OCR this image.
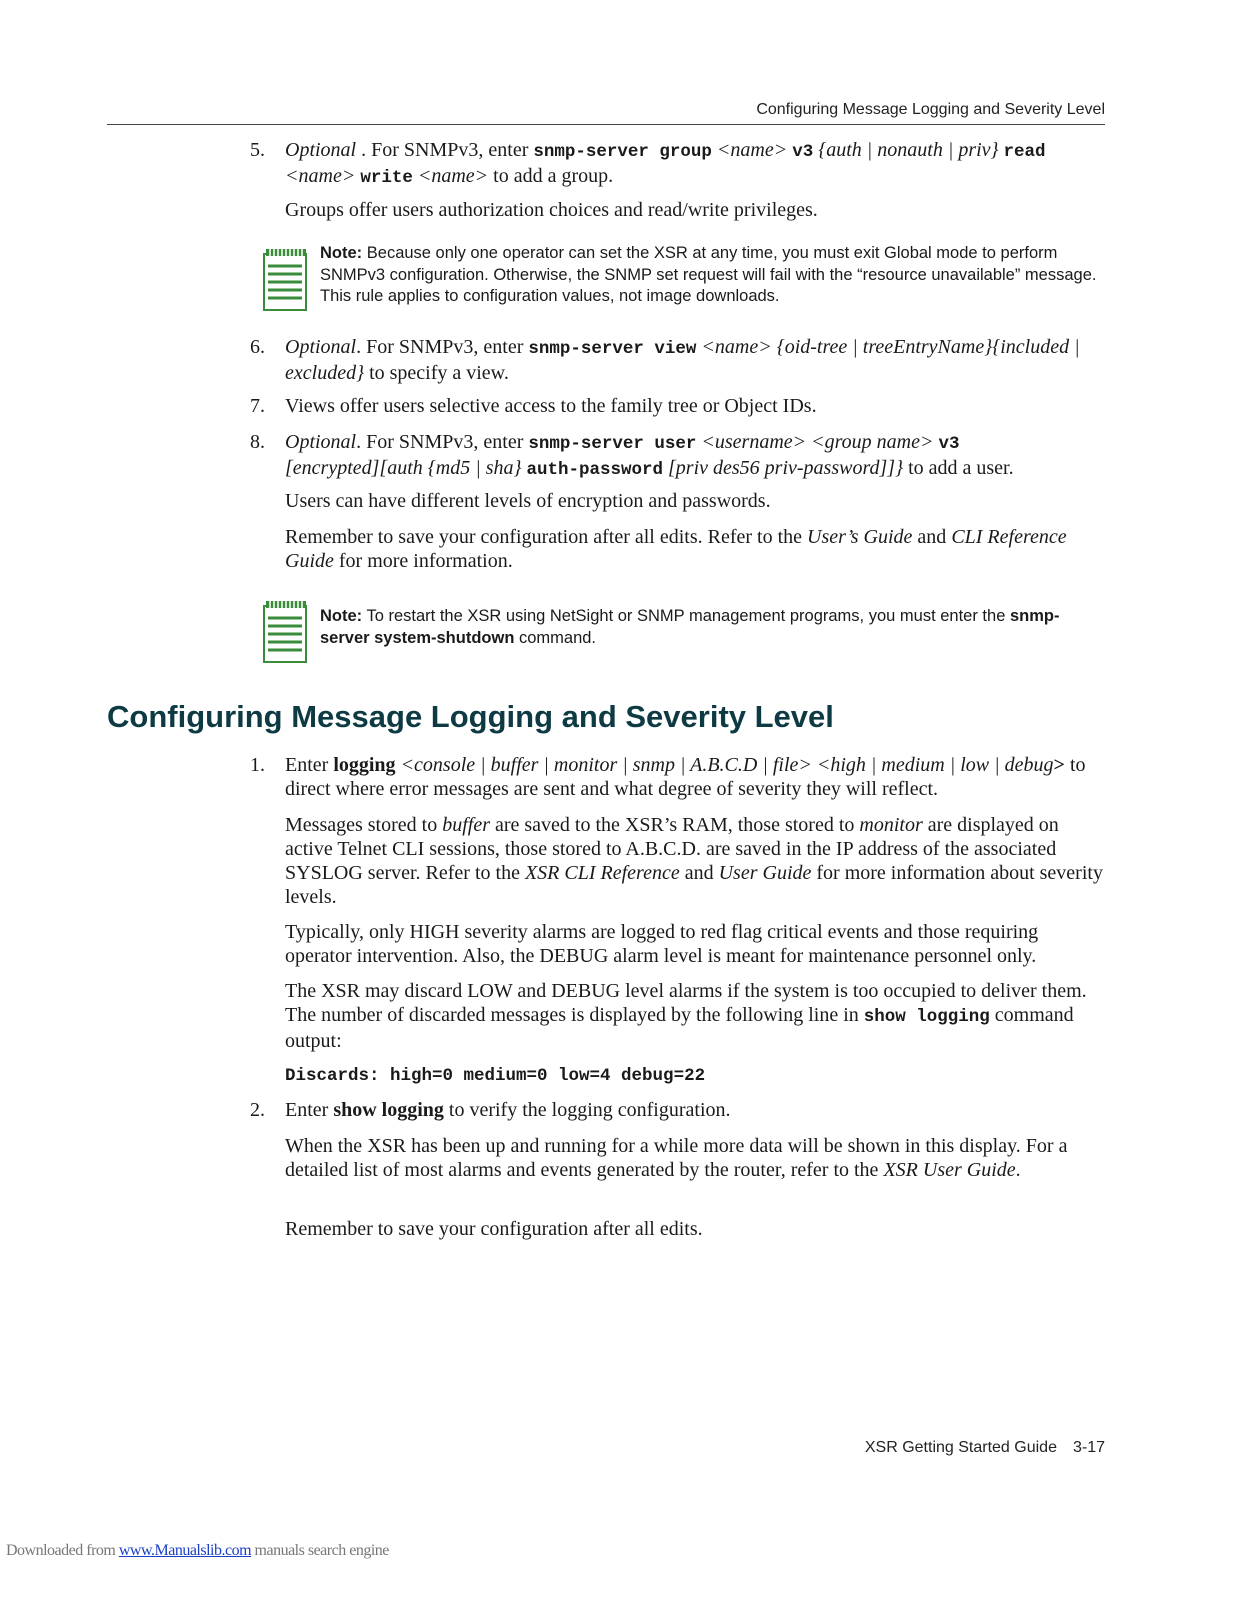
Configuring Message Logging and Severity Level
5. Optional . For SNMPv3, enter snmp-server group <name> v3 {auth | nonauth | priv} read
<name> write <name> to add a group.
Groups offer users authorization choices and read/write privileges.
Note: Because only one operator can set the XSR at any time, you must exit Global mode to perform SNMPv3 configuration. Otherwise, the SNMP set request will fail with the “resource unavailable” message. This rule applies to configuration values, not image downloads.
6. Optional. For SNMPv3, enter snmp-server view <name> {oid-tree | treeEntryName}{included | excluded} to specify a view.
7. Views offer users selective access to the family tree or Object IDs.
8. Optional. For SNMPv3, enter snmp-server user <username> <group name> v3
[encrypted][auth {md5 | sha} auth-password [priv des56 priv-password]]} to add a user.
Users can have different levels of encryption and passwords.
Remember to save your configuration after all edits. Refer to the User’s Guide and CLI Reference Guide for more information.
Note: To restart the XSR using NetSight or SNMP management programs, you must enter the snmp-server system-shutdown command.
Configuring Message Logging and Severity Level
1. Enter logging <console | buffer | monitor | snmp | A.B.C.D | file> <high | medium | low | debug> to direct where error messages are sent and what degree of severity they will reflect.
Messages stored to buffer are saved to the XSR’s RAM, those stored to monitor are displayed on active Telnet CLI sessions, those stored to A.B.C.D. are saved in the IP address of the associated SYSLOG server. Refer to the XSR CLI Reference and User Guide for more information about severity levels.
Typically, only HIGH severity alarms are logged to red flag critical events and those requiring operator intervention. Also, the DEBUG alarm level is meant for maintenance personnel only.
The XSR may discard LOW and DEBUG level alarms if the system is too occupied to deliver them. The number of discarded messages is displayed by the following line in show logging command output:
Discards: high=0 medium=0 low=4 debug=22
2. Enter show logging to verify the logging configuration.
When the XSR has been up and running for a while more data will be shown in this display. For a detailed list of most alarms and events generated by the router, refer to the XSR User Guide.
Remember to save your configuration after all edits.
XSR Getting Started Guide 3-17
Downloaded from www.Manualslib.com manuals search engine
